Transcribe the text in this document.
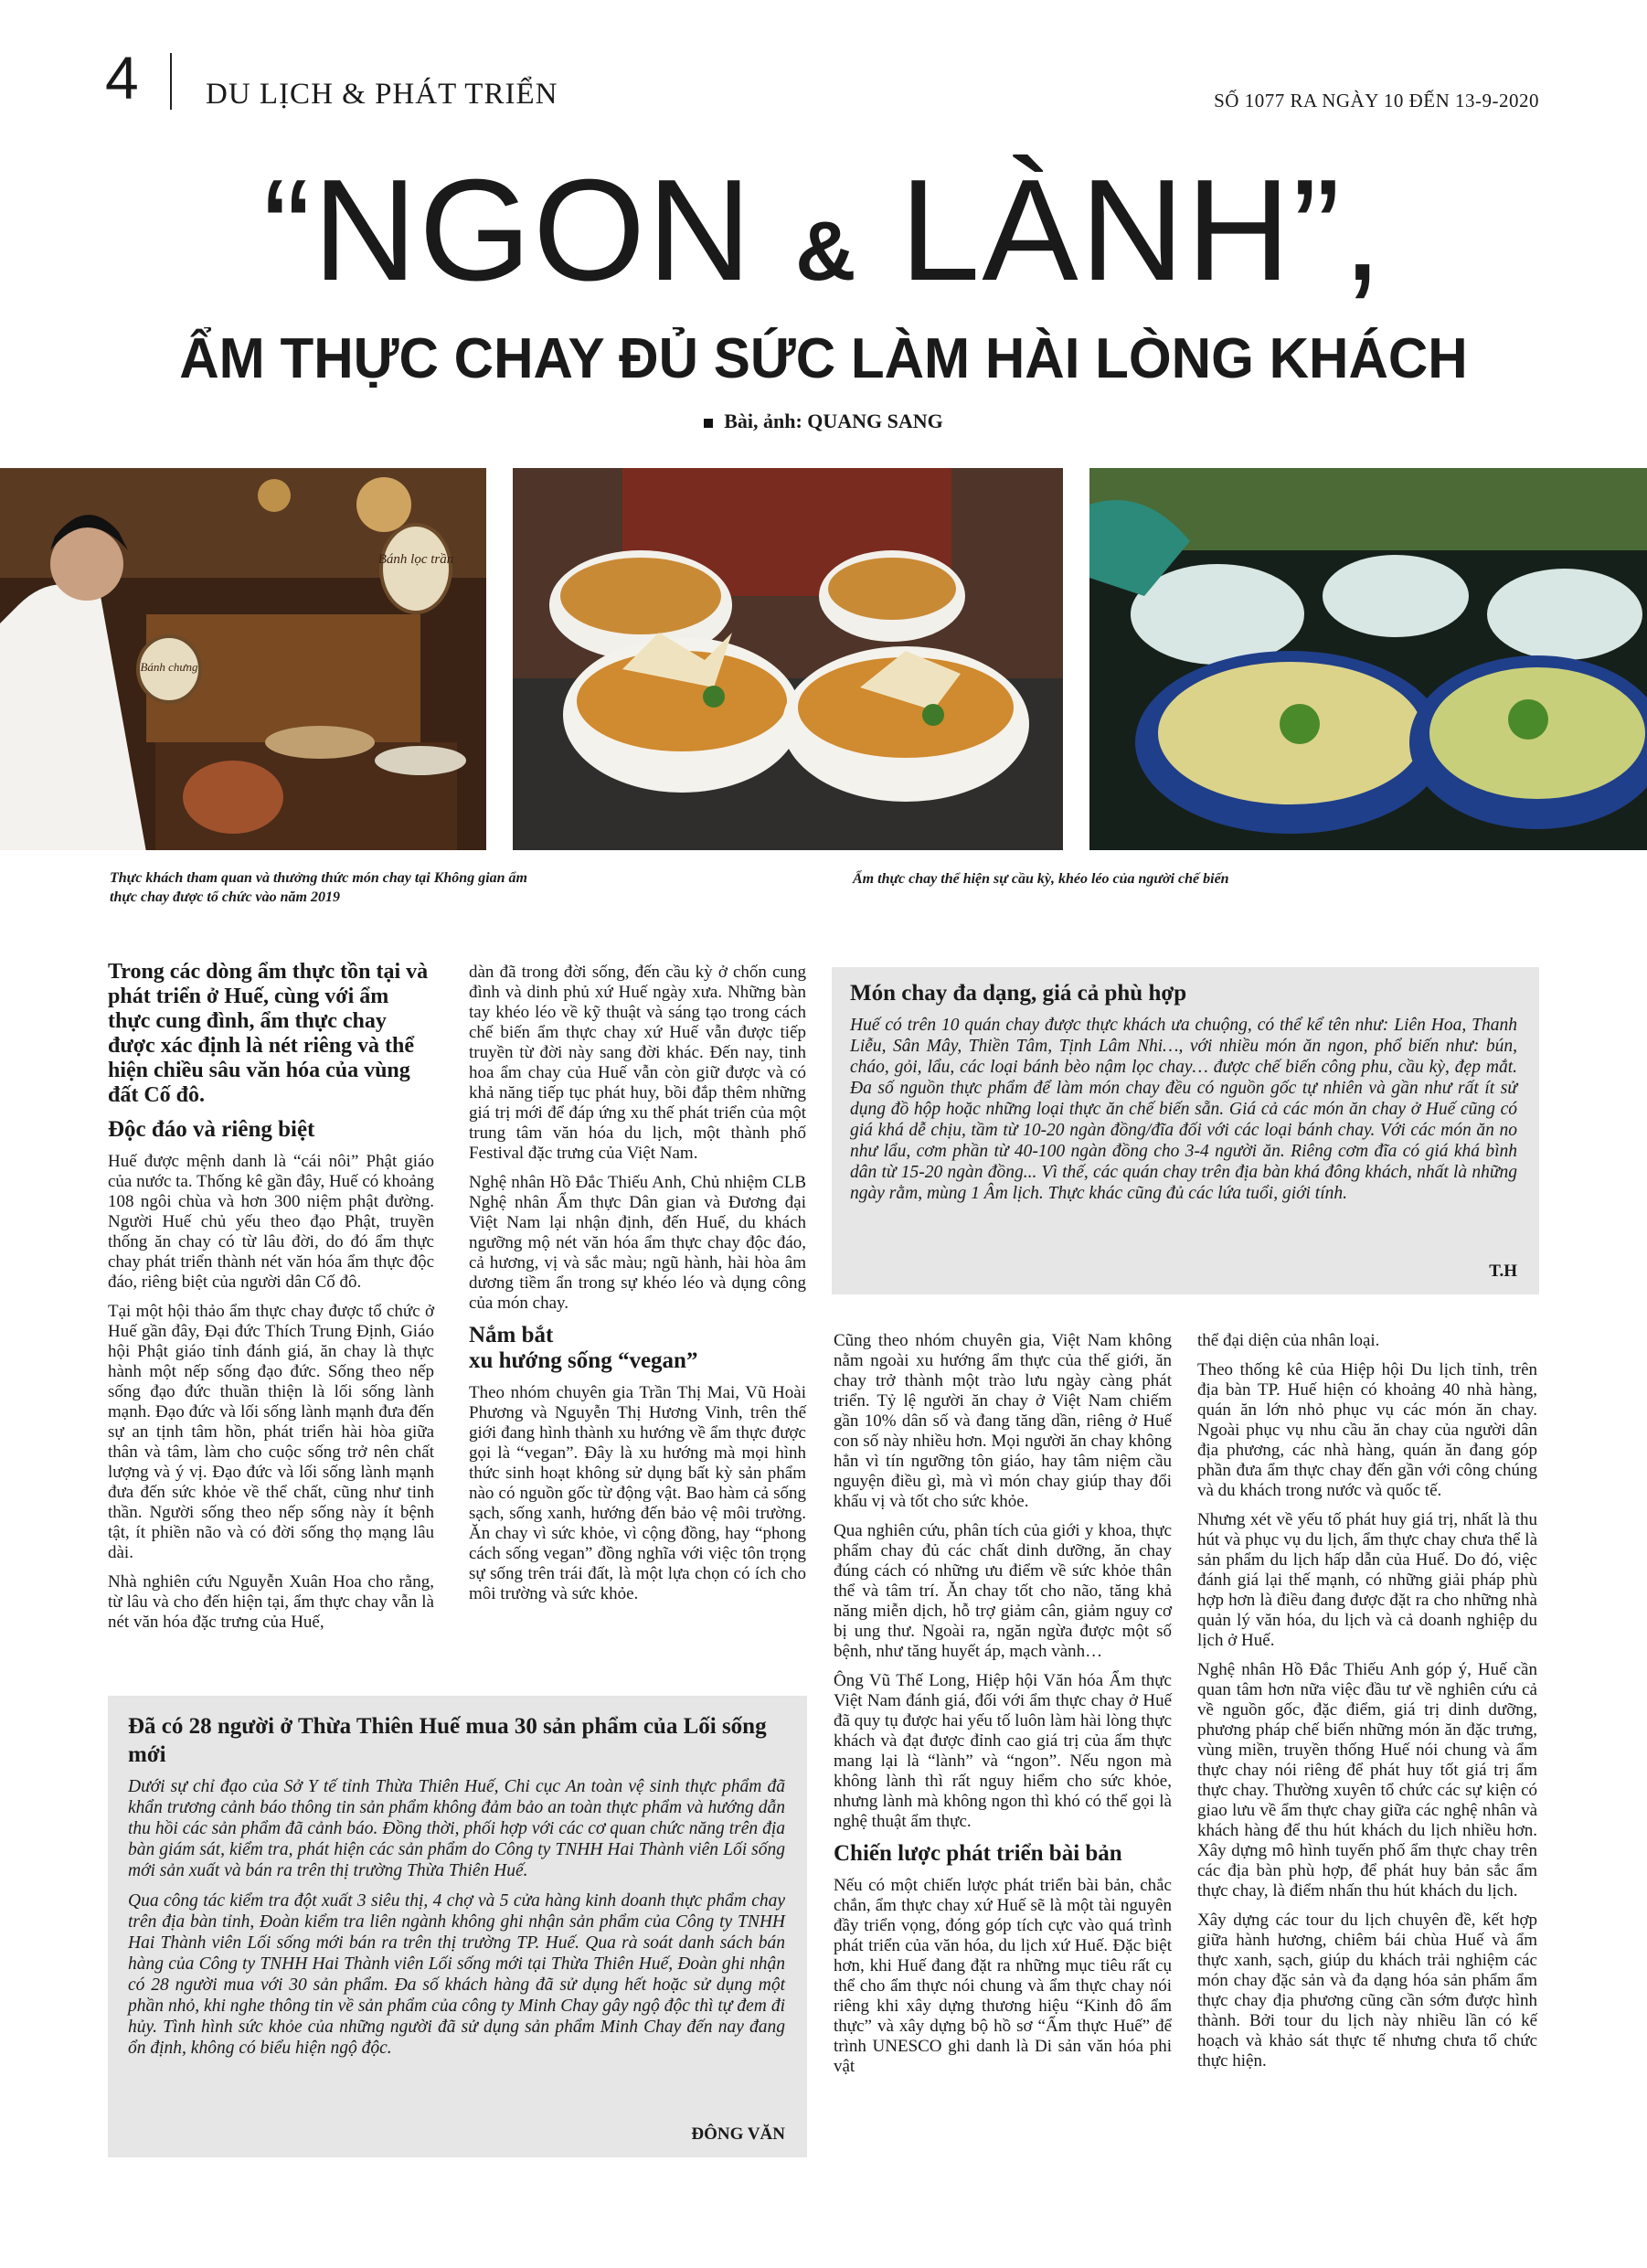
4 DU LỊCH & PHÁT TRIỂN	SỐ 1077 RA NGÀY 10 ĐẾN 13-9-2020
“NGON & LÀNH”,
ẨM THỰC CHAY ĐỦ SỨC LÀM HÀI LÒNG KHÁCH
Bài, ảnh: QUANG SANG
Bánh lọc trần
Bánh chưng
Thực khách tham quan và thưởng thức món chay tại Không gian ẩm thực chay được tổ chức vào năm 2019
Ẩm thực chay thể hiện sự cầu kỳ, khéo léo của người chế biến

Trong các dòng ẩm thực tồn tại và phát triển ở Huế, cùng với ẩm thực cung đình, ẩm thực chay được xác định là nét riêng và thể hiện chiều sâu văn hóa của vùng đất Cố đô.

Độc đáo và riêng biệt

Huế được mệnh danh là “cái nôi” Phật giáo của nước ta. Thống kê gần đây, Huế có khoảng 108 ngôi chùa và hơn 300 niệm phật đường. Người Huế chủ yếu theo đạo Phật, truyền thống ăn chay có từ lâu đời, do đó ẩm thực chay phát triển thành nét văn hóa ẩm thực độc đáo, riêng biệt của người dân Cố đô.

Tại một hội thảo ẩm thực chay được tổ chức ở Huế gần đây, Đại đức Thích Trung Định, Giáo hội Phật giáo tỉnh đánh giá, ăn chay là thực hành một nếp sống đạo đức. Sống theo nếp sống đạo đức thuần thiện là lối sống lành mạnh. Đạo đức và lối sống lành mạnh đưa đến sự an tịnh tâm hồn, phát triển hài hòa giữa thân và tâm, làm cho cuộc sống trở nên chất lượng và ý vị. Đạo đức và lối sống lành mạnh đưa đến sức khỏe về thể chất, cũng như tinh thần. Người sống theo nếp sống này ít bệnh tật, ít phiền não và có đời sống thọ mạng lâu dài.

Nhà nghiên cứu Nguyễn Xuân Hoa cho rằng, từ lâu và cho đến hiện tại, ẩm thực chay vẫn là nét văn hóa đặc trưng của Huế,

dàn đã trong đời sống, đến cầu kỳ ở chốn cung đình và dinh phủ xứ Huế ngày xưa. Những bàn tay khéo léo về kỹ thuật và sáng tạo trong cách chế biến ẩm thực chay xứ Huế vẫn được tiếp truyền từ đời này sang đời khác. Đến nay, tinh hoa ẩm chay của Huế vẫn còn giữ được và có khả năng tiếp tục phát huy, bồi đắp thêm những giá trị mới để đáp ứng xu thế phát triển của một trung tâm văn hóa du lịch, một thành phố Festival đặc trưng của Việt Nam.

Nghệ nhân Hồ Đắc Thiếu Anh, Chủ nhiệm CLB Nghệ nhân Ẩm thực Dân gian và Đương đại Việt Nam lại nhận định, đến Huế, du khách ngưỡng mộ nét văn hóa ẩm thực chay độc đáo, cả hương, vị và sắc màu; ngũ hành, hài hòa âm dương tiềm ẩn trong sự khéo léo và dụng công của món chay.

Nắm bắt
xu hướng sống “vegan”

Theo nhóm chuyên gia Trần Thị Mai, Vũ Hoài Phương và Nguyễn Thị Hương Vinh, trên thế giới đang hình thành xu hướng về ẩm thực được gọi là “vegan”. Đây là xu hướng mà mọi hình thức sinh hoạt không sử dụng bất kỳ sản phẩm nào có nguồn gốc từ động vật. Bao hàm cả sống sạch, sống xanh, hướng đến bảo vệ môi trường. Ăn chay vì sức khỏe, vì cộng đồng, hay “phong cách sống vegan” đồng nghĩa với việc tôn trọng sự sống trên trái đất, là một lựa chọn có ích cho môi trường và sức khỏe.

Món chay đa dạng, giá cả phù hợp
Huế có trên 10 quán chay được thực khách ưa chuộng, có thể kể tên như: Liên Hoa, Thanh Liễu, Sân Mây, Thiền Tâm, Tịnh Lâm Nhi…, với nhiều món ăn ngon, phổ biến như: bún, cháo, gỏi, lẩu, các loại bánh bèo nậm lọc chay… được chế biến công phu, cầu kỳ, đẹp mắt. Đa số nguồn thực phẩm để làm món chay đều có nguồn gốc tự nhiên và gần như rất ít sử dụng đồ hộp hoặc những loại thực ăn chế biến sẵn. Giá cả các món ăn chay ở Huế cũng có giá khá dễ chịu, tầm từ 10-20 ngàn đồng/đĩa đối với các loại bánh chay. Với các món ăn no như lẩu, cơm phần từ 40-100 ngàn đồng cho 3-4 người ăn. Riêng cơm đĩa có giá khá bình dân từ 15-20 ngàn đồng... Vì thế, các quán chay trên địa bàn khá đông khách, nhất là những ngày rằm, mùng 1 Âm lịch. Thực khác cũng đủ các lứa tuổi, giới tính.
T.H

Cũng theo nhóm chuyên gia, Việt Nam không nằm ngoài xu hướng ẩm thực của thế giới, ăn chay trở thành một trào lưu ngày càng phát triển. Tỷ lệ người ăn chay ở Việt Nam chiếm gần 10% dân số và đang tăng dần, riêng ở Huế con số này nhiều hơn. Mọi người ăn chay không hẳn vì tín ngưỡng tôn giáo, hay tâm niệm cầu nguyện điều gì, mà vì món chay giúp thay đổi khẩu vị và tốt cho sức khỏe.

Qua nghiên cứu, phân tích của giới y khoa, thực phẩm chay đủ các chất dinh dưỡng, ăn chay đúng cách có những ưu điểm về sức khỏe thân thể và tâm trí. Ăn chay tốt cho não, tăng khả năng miễn dịch, hỗ trợ giảm cân, giảm nguy cơ bị ung thư. Ngoài ra, ngăn ngừa được một số bệnh, như tăng huyết áp, mạch vành…

Ông Vũ Thế Long, Hiệp hội Văn hóa Ẩm thực Việt Nam đánh giá, đối với ẩm thực chay ở Huế đã quy tụ được hai yếu tố luôn làm hài lòng thực khách và đạt được đỉnh cao giá trị của ẩm thực mang lại là “lành” và “ngon”. Nếu ngon mà không lành thì rất nguy hiểm cho sức khỏe, nhưng lành mà không ngon thì khó có thể gọi là nghệ thuật ẩm thực.

Chiến lược phát triển bài bản

Nếu có một chiến lược phát triển bài bản, chắc chắn, ẩm thực chay xứ Huế sẽ là một tài nguyên đầy triển vọng, đóng góp tích cực vào quá trình phát triển của văn hóa, du lịch xứ Huế. Đặc biệt hơn, khi Huế đang đặt ra những mục tiêu rất cụ thể cho ẩm thực nói chung và ẩm thực chay nói riêng khi xây dựng thương hiệu “Kinh đô ẩm thực” và xây dựng bộ hồ sơ “Ẩm thực Huế” để trình UNESCO ghi danh là Di sản văn hóa phi vật

thể đại diện của nhân loại.

Theo thống kê của Hiệp hội Du lịch tỉnh, trên địa bàn TP. Huế hiện có khoảng 40 nhà hàng, quán ăn lớn nhỏ phục vụ các món ăn chay. Ngoài phục vụ nhu cầu ăn chay của người dân địa phương, các nhà hàng, quán ăn đang góp phần đưa ẩm thực chay đến gần với công chúng và du khách trong nước và quốc tế.

Nhưng xét về yếu tố phát huy giá trị, nhất là thu hút và phục vụ du lịch, ẩm thực chay chưa thể là sản phẩm du lịch hấp dẫn của Huế. Do đó, việc đánh giá lại thế mạnh, có những giải pháp phù hợp hơn là điều đang được đặt ra cho những nhà quản lý văn hóa, du lịch và cả doanh nghiệp du lịch ở Huế.

Nghệ nhân Hồ Đắc Thiếu Anh góp ý, Huế cần quan tâm hơn nữa việc đầu tư về nghiên cứu cả về nguồn gốc, đặc điểm, giá trị dinh dưỡng, phương pháp chế biến những món ăn đặc trưng, vùng miền, truyền thống Huế nói chung và ẩm thực chay nói riêng để phát huy tốt giá trị ẩm thực chay. Thường xuyên tổ chức các sự kiện có giao lưu về ẩm thực chay giữa các nghệ nhân và khách hàng để thu hút khách du lịch nhiều hơn. Xây dựng mô hình tuyến phố ẩm thực chay trên các địa bàn phù hợp, để phát huy bản sắc ẩm thực chay, là điểm nhấn thu hút khách du lịch.

Xây dựng các tour du lịch chuyên đề, kết hợp giữa hành hương, chiêm bái chùa Huế và ẩm thực xanh, sạch, giúp du khách trải nghiệm các món chay đặc sản và đa dạng hóa sản phẩm ẩm thực chay địa phương cũng cần sớm được hình thành. Bởi tour du lịch này nhiều lần có kế hoạch và khảo sát thực tế nhưng chưa tổ chức thực hiện.

Đã có 28 người ở Thừa Thiên Huế mua 30 sản phẩm của Lối sống mới

Dưới sự chỉ đạo của Sở Y tế tỉnh Thừa Thiên Huế, Chi cục An toàn vệ sinh thực phẩm đã khẩn trương cảnh báo thông tin sản phẩm không đảm bảo an toàn thực phẩm và hướng dẫn thu hồi các sản phẩm đã cảnh báo. Đồng thời, phối hợp với các cơ quan chức năng trên địa bàn giám sát, kiểm tra, phát hiện các sản phẩm do Công ty TNHH Hai Thành viên Lối sống mới sản xuất và bán ra trên thị trường Thừa Thiên Huế.

Qua công tác kiểm tra đột xuất 3 siêu thị, 4 chợ và 5 cửa hàng kinh doanh thực phẩm chay trên địa bàn tỉnh, Đoàn kiểm tra liên ngành không ghi nhận sản phẩm của Công ty TNHH Hai Thành viên Lối sống mới bán ra trên thị trường TP. Huế. Qua rà soát danh sách bán hàng của Công ty TNHH Hai Thành viên Lối sống mới tại Thừa Thiên Huế, Đoàn ghi nhận có 28 người mua với 30 sản phẩm. Đa số khách hàng đã sử dụng hết hoặc sử dụng một phần nhỏ, khi nghe thông tin về sản phẩm của công ty Minh Chay gây ngộ độc thì tự đem đi hủy. Tình hình sức khỏe của những người đã sử dụng sản phẩm Minh Chay đến nay đang ổn định, không có biểu hiện ngộ độc.

ĐÔNG VĂN
